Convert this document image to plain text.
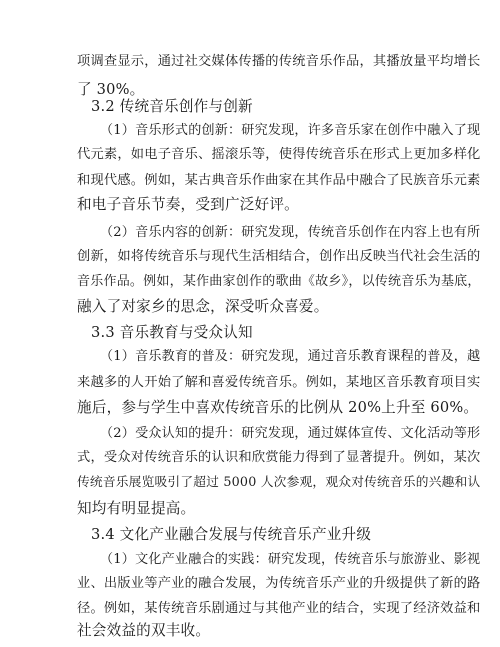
项调查显示，通过社交媒体传播的传统音乐作品，其播放量平均增长
了 30%。
3.2 传统音乐创作与创新
（1）音乐形式的创新：研究发现，许多音乐家在创作中融入了现
代元素，如电子音乐、摇滚乐等，使得传统音乐在形式上更加多样化
和现代感。例如，某古典音乐作曲家在其作品中融合了民族音乐元素
和电子音乐节奏，受到广泛好评。
（2）音乐内容的创新：研究发现，传统音乐创作在内容上也有所
创新，如将传统音乐与现代生活相结合，创作出反映当代社会生活的
音乐作品。例如，某作曲家创作的歌曲《故乡》，以传统音乐为基底，
融入了对家乡的思念，深受听众喜爱。
3.3 音乐教育与受众认知
（1）音乐教育的普及：研究发现，通过音乐教育课程的普及，越
来越多的人开始了解和喜爱传统音乐。例如，某地区音乐教育项目实
施后，参与学生中喜欢传统音乐的比例从 20%上升至 60%。
（2）受众认知的提升：研究发现，通过媒体宣传、文化活动等形
式，受众对传统音乐的认识和欣赏能力得到了显著提升。例如，某次
传统音乐展览吸引了超过 5000 人次参观，观众对传统音乐的兴趣和认
知均有明显提高。
3.4 文化产业融合发展与传统音乐产业升级
（1）文化产业融合的实践：研究发现，传统音乐与旅游业、影视
业、出版业等产业的融合发展，为传统音乐产业的升级提供了新的路
径。例如，某传统音乐剧通过与其他产业的结合，实现了经济效益和
社会效益的双丰收。
